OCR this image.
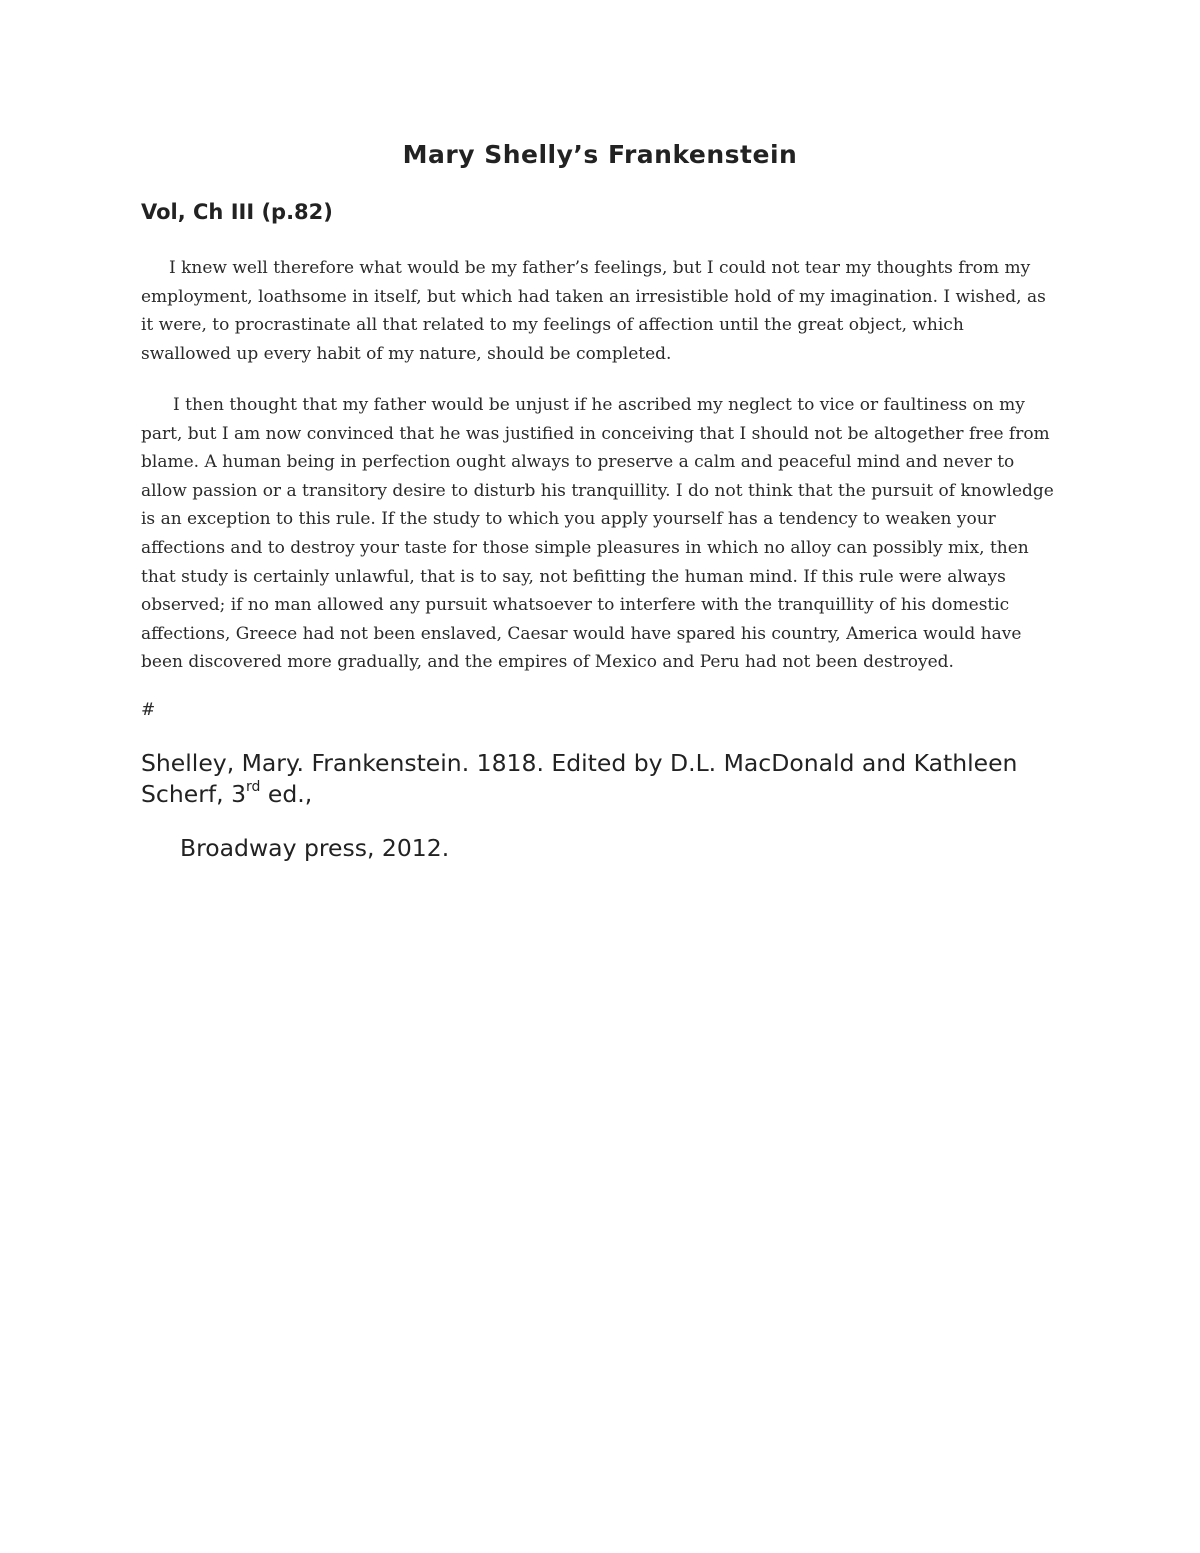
Mary Shelly’s Frankenstein
Vol, Ch III (p.82)

I knew well therefore what would be my father’s feelings, but I could not tear my thoughts from my employment, loathsome in itself, but which had taken an irresistible hold of my imagination. I wished, as it were, to procrastinate all that related to my feelings of affection until the great object, which swallowed up every habit of my nature, should be completed.

I then thought that my father would be unjust if he ascribed my neglect to vice or faultiness on my part, but I am now convinced that he was justified in conceiving that I should not be altogether free from blame. A human being in perfection ought always to preserve a calm and peaceful mind and never to allow passion or a transitory desire to disturb his tranquillity. I do not think that the pursuit of knowledge is an exception to this rule. If the study to which you apply yourself has a tendency to weaken your affections and to destroy your taste for those simple pleasures in which no alloy can possibly mix, then that study is certainly unlawful, that is to say, not befitting the human mind. If this rule were always observed; if no man allowed any pursuit whatsoever to interfere with the tranquillity of his domestic affections, Greece had not been enslaved, Caesar would have spared his country, America would have been discovered more gradually, and the empires of Mexico and Peru had not been destroyed.

#

Shelley, Mary. Frankenstein. 1818. Edited by D.L. MacDonald and Kathleen Scherf, 3rd ed.,

Broadway press, 2012.
